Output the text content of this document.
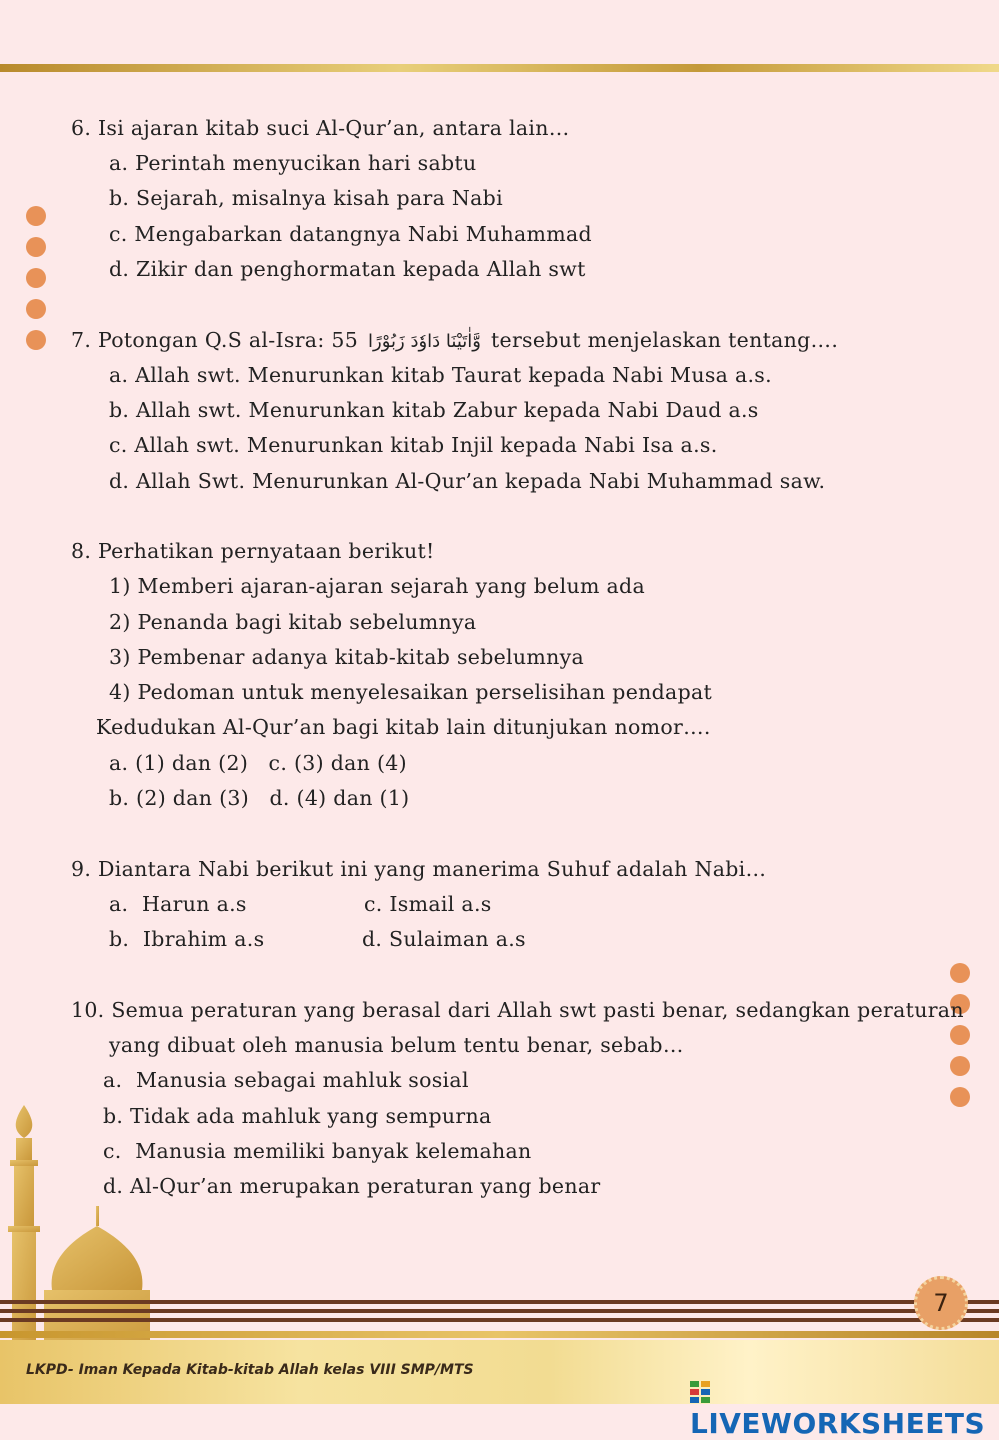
6. Isi ajaran kitab suci Al-Qur’an, antara lain…
a. Perintah menyucikan hari sabtu
b. Sejarah, misalnya kisah para Nabi
c. Mengabarkan datangnya Nabi Muhammad
d. Zikir dan penghormatan kepada Allah swt
7. Potongan Q.S al-Isra: 55 وَّاٰتَيْنَا دَاوٗدَ زَبُوْرًا tersebut menjelaskan tentang….
a. Allah swt. Menurunkan kitab Taurat kepada Nabi Musa a.s.
b. Allah swt. Menurunkan kitab Zabur kepada Nabi Daud a.s
c. Allah swt. Menurunkan kitab Injil kepada Nabi Isa a.s.
d. Allah Swt. Menurunkan Al-Qur’an kepada Nabi Muhammad saw.
8. Perhatikan pernyataan berikut!
1) Memberi ajaran-ajaran sejarah yang belum ada
2) Penanda bagi kitab sebelumnya
3) Pembenar adanya kitab-kitab sebelumnya
4) Pedoman untuk menyelesaikan perselisihan pendapat
Kedudukan Al-Qur’an bagi kitab lain ditunjukan nomor….
a. (1) dan (2)   c. (3) dan (4)
b. (2) dan (3)   d. (4) dan (1)
9. Diantara Nabi berikut ini yang manerima Suhuf adalah Nabi…
a.  Harun a.s	c. Ismail a.s
b.  Ibrahim a.s	d. Sulaiman a.s
10. Semua peraturan yang berasal dari Allah swt pasti benar, sedangkan peraturan
yang dibuat oleh manusia belum tentu benar, sebab…
a.  Manusia sebagai mahluk sosial
b. Tidak ada mahluk yang sempurna
c.  Manusia memiliki banyak kelemahan
d. Al-Qur’an merupakan peraturan yang benar
7
LKPD- Iman Kepada Kitab-kitab Allah kelas VIII SMP/MTS
LIVEWORKSHEETS
